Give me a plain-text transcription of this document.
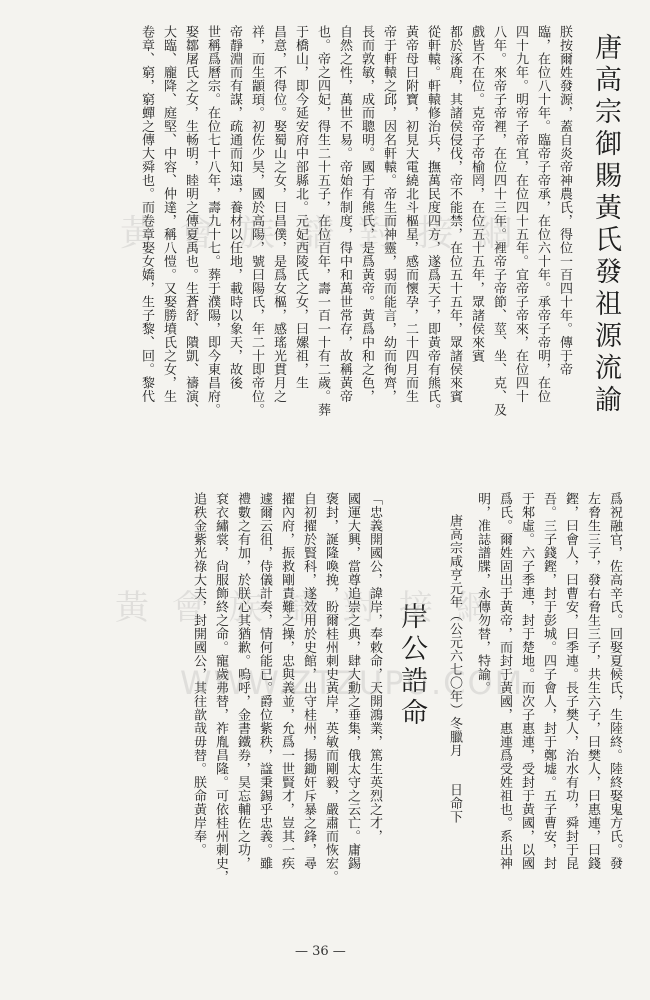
唐高宗御賜黃氏發祖源流諭
朕按爾姓發源，蓋自炎帝神農氏，得位一百四十年。傳于帝
臨，在位八十年。臨帝子帝承，在位六十年。承帝子帝明，在位
四十九年。明帝子帝宜，在位四十五年。宜帝子帝來，在位四十
八年。來帝子帝裡，在位四十三年。裡帝子帝節、莖、坐、克、及
戲皆不在位。克帝子帝榆罔，在位五十五年，眾諸侯來賓
都於涿鹿，其諸侯侵伐，帝不能禁，在位五十五年，眾諸侯來賓
從軒轅。軒轅修治兵，撫萬民度四方，遂爲天子，即黃帝有熊氏。
黃帝母曰附寶，初見大電繞北斗樞星，感而懷孕，二十四月而生
帝于軒轅之邱，因名軒轅。帝生而神靈，弱而能言，幼而徇齊，
長而敦敏，成而聰明。國于有熊氏，是爲黃帝。黃爲中和之色，
自然之性，萬世不易。帝始作制度，得中和萬世常存，故稱黃帝
也。帝之四妃，得生二十五子，在位百年，壽一百一十有二歲。葬
于橋山，即今延安府中部縣北。元妃西陵氏之女，曰嫘祖，生
昌意，不得位。娶蜀山之女，曰昌僕，是爲女樞，感瑤光貫月之
祥，而生顓頊。初佐少昊，國於高陽，號曰陽氏，年二十即帝位。
帝靜淵而有謀，疏通而知遠，養材以任地，載時以象天，故後
世稱爲曆宗。在位七十八年，壽九十七。葬于濮陽，即今東昌府。
娶鄒屠氏之女，生畅明，睦明之傳夏禹也。生蒼舒、隤凱、禱演、
大臨、龐降、庭堅、中容、仲達，稱八愷。又娶勝墳氏之女，生
卷章、窮，窮蟬之傳大舜也。而卷章娶女嬌，生子黎、回。黎代
爲祝融官，佐高辛氏。回娶夏候氏，生陸終。陸終娶鬼方氏。發
左脅生三子，發右脅生三子，共生六子，曰樊人，曰惠連，曰錢
鏗，曰會人，曰曹安，曰季連。長子樊人，治水有功，舜封于昆
吾。三子錢鏗，封于彭城。四子會人，封于鄭墟。五子曹安，封
于邾虛。六子季連，封于楚地。而次子惠連，受封于黃國，以國
爲氏。爾姓固出于黃帝，而封于黃國，惠連爲受姓祖也。系出神
明，准誌譜牒，永傳勿替，特諭。
唐高宗咸亨元年（公元六七〇年）冬臘月
日命下
岸公誥命
「忠義開國公，諱岸，奉敕命，天開鴻業，篤生英烈之才，
國運大興，當尊追崇之典，肆大勳之垂集，俄太守之云亡。庸錫
褒封，誕隆喚挽，盼爾桂州刺史黃岸，英敏而剛毅，嚴肅而恢宏。
自初擢於賢科，遂效用於史館，出守桂州，揚鋤奸斥暴之鋒，尋
擢內府，振救剛責難之操，忠與義並，允爲一世賢才，豈其一疾
遽爾云徂，侍儀計奏，情何能已。爵位紫秩，諡秉錫乎忠義。雖
禮數之有加，於朕心其猶歉。嗚呼，金書鐵券，昊忘輔佐之功，
袞衣繡裳，尙服飾終之命。寵歲弗替，祚胤昌隆。可依桂州刺史，
追秩金紫光祿大夫，封開國公，其往歆哉毋替。朕命黃岸奉。
— 36 —
黃 會 族 譜 對 接 網
黃 會 族 譜 對 接 網
WWW.ZTZUPU.COM
